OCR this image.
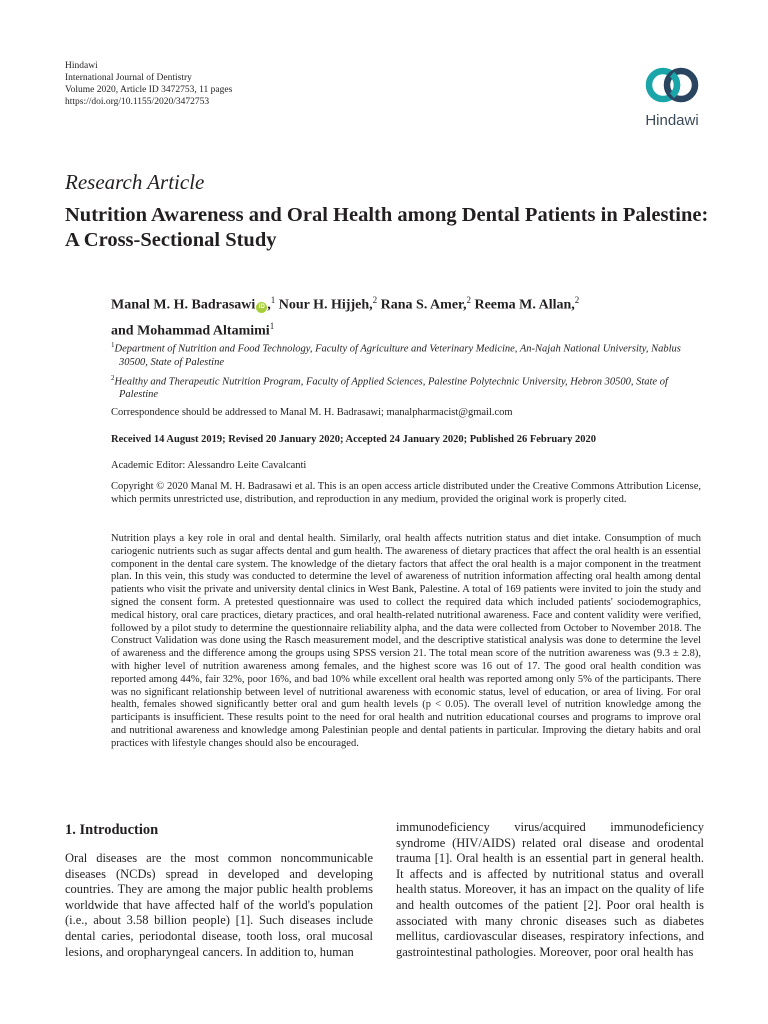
Hindawi
International Journal of Dentistry
Volume 2020, Article ID 3472753, 11 pages
https://doi.org/10.1155/2020/3472753
Hindawi
Research Article
Nutrition Awareness and Oral Health among Dental Patients in Palestine: A Cross-Sectional Study
Manal M. H. Badrasawi iD ,$^1$ Nour H. Hijjeh,$^2$ Rana S. Amer,$^2$ Reema M. Allan,$^2$
and Mohammad Altamimi$^1$
$^1$Department of Nutrition and Food Technology, Faculty of Agriculture and Veterinary Medicine, An-Najah National University, Nablus 30500, State of Palestine
$^2$Healthy and Therapeutic Nutrition Program, Faculty of Applied Sciences, Palestine Polytechnic University, Hebron 30500, State of Palestine
Correspondence should be addressed to Manal M. H. Badrasawi; manalpharmacist@gmail.com
Received 14 August 2019; Revised 20 January 2020; Accepted 24 January 2020; Published 26 February 2020
Academic Editor: Alessandro Leite Cavalcanti
Copyright © 2020 Manal M. H. Badrasawi et al. This is an open access article distributed under the Creative Commons Attribution License, which permits unrestricted use, distribution, and reproduction in any medium, provided the original work is properly cited.
Nutrition plays a key role in oral and dental health. Similarly, oral health affects nutrition status and diet intake. Consumption of much cariogenic nutrients such as sugar affects dental and gum health. The awareness of dietary practices that affect the oral health is an essential component in the dental care system. The knowledge of the dietary factors that affect the oral health is a major component in the treatment plan. In this vein, this study was conducted to determine the level of awareness of nutrition information affecting oral health among dental patients who visit the private and university dental clinics in West Bank, Palestine. A total of 169 patients were invited to join the study and signed the consent form. A pretested questionnaire was used to collect the required data which included patients' sociodemographics, medical history, oral care practices, dietary practices, and oral health-related nutritional awareness. Face and content validity were verified, followed by a pilot study to determine the questionnaire reliability alpha, and the data were collected from October to November 2018. The Construct Validation was done using the Rasch measurement model, and the descriptive statistical analysis was done to determine the level of awareness and the difference among the groups using SPSS version 21. The total mean score of the nutrition awareness was (9.3 ± 2.8), with higher level of nutrition awareness among females, and the highest score was 16 out of 17. The good oral health condition was reported among 44%, fair 32%, poor 16%, and bad 10% while excellent oral health was reported among only 5% of the participants. There was no significant relationship between level of nutritional awareness with economic status, level of education, or area of living. For oral health, females showed significantly better oral and gum health levels (p < 0.05). The overall level of nutrition knowledge among the participants is insufficient. These results point to the need for oral health and nutrition educational courses and programs to improve oral and nutritional awareness and knowledge among Palestinian people and dental patients in particular. Improving the dietary habits and oral practices with lifestyle changes should also be encouraged.
1. Introduction
Oral diseases are the most common noncommunicable diseases (NCDs) spread in developed and developing countries. They are among the major public health problems worldwide that have affected half of the world's population (i.e., about 3.58 billion people) [1]. Such diseases include dental caries, periodontal disease, tooth loss, oral mucosal lesions, and oropharyngeal cancers. In addition to, human
immunodeficiency virus/acquired immunodeficiency syndrome (HIV/AIDS) related oral disease and orodental trauma [1]. Oral health is an essential part in general health. It affects and is affected by nutritional status and overall health status. Moreover, it has an impact on the quality of life and health outcomes of the patient [2]. Poor oral health is associated with many chronic diseases such as diabetes mellitus, cardiovascular diseases, respiratory infections, and gastrointestinal pathologies. Moreover, poor oral health has
